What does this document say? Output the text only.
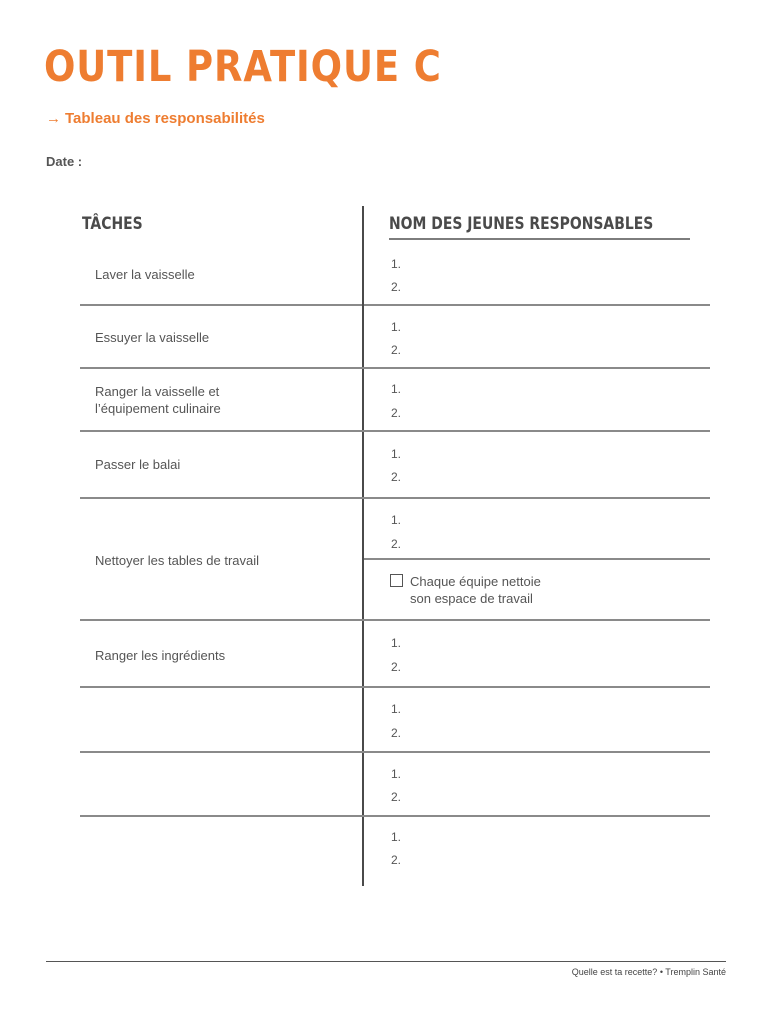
OUTIL PRATIQUE C
→ Tableau des responsabilités
Date :
TÂCHES	NOM DES JEUNES RESPONSABLES
Laver la vaisselle
1.
2.
Essuyer la vaisselle
1.
2.
Ranger la vaisselle et
l’équipement culinaire
1.
2.
Passer le balai
1.
2.
Nettoyer les tables de travail
1.
2.
Chaque équipe nettoie
son espace de travail
Ranger les ingrédients
1.
2.
1.
2.
1.
2.
1.
2.
Quelle est ta recette? • Tremplin Santé
